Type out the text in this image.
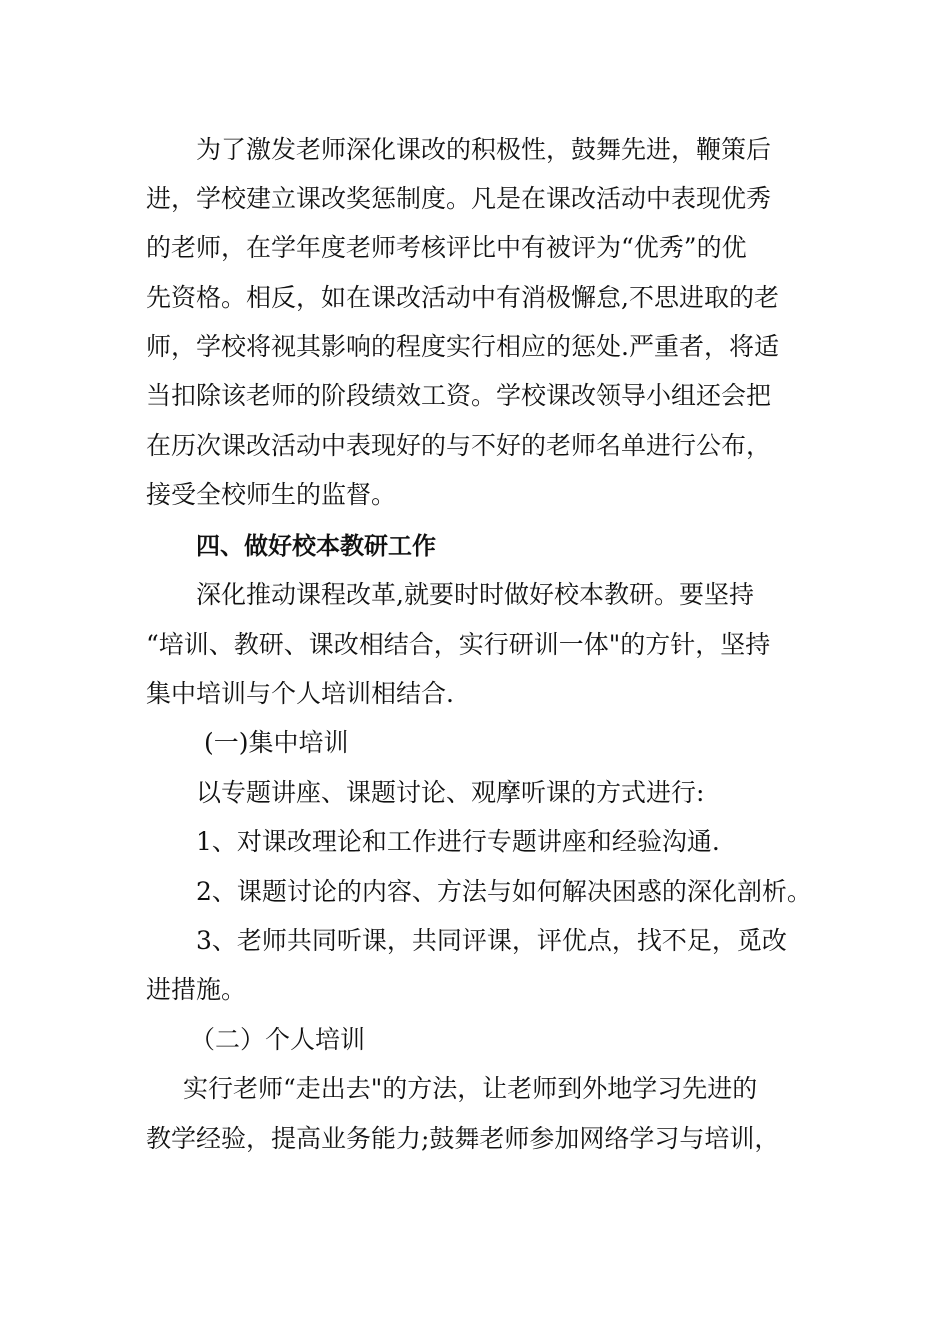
为了激发老师深化课改的积极性，鼓舞先进，鞭策后
进，学校建立课改奖惩制度。凡是在课改活动中表现优秀
的老师，在学年度老师考核评比中有被评为“优秀”的优
先资格。相反，如在课改活动中有消极懈怠,不思进取的老
师，学校将视其影响的程度实行相应的惩处.严重者，将适
当扣除该老师的阶段绩效工资。学校课改领导小组还会把
在历次课改活动中表现好的与不好的老师名单进行公布，
接受全校师生的监督。
四、做好校本教研工作
深化推动课程改革,就要时时做好校本教研。要坚持
“培训、教研、课改相结合，实行研训一体"的方针，坚持
集中培训与个人培训相结合.
(一)集中培训
以专题讲座、课题讨论、观摩听课的方式进行:
1、对课改理论和工作进行专题讲座和经验沟通.
2、课题讨论的内容、方法与如何解决困惑的深化剖析。
3、老师共同听课，共同评课，评优点，找不足，觅改
进措施。
（二）个人培训
实行老师“走出去"的方法，让老师到外地学习先进的
教学经验，提高业务能力;鼓舞老师参加网络学习与培训，
